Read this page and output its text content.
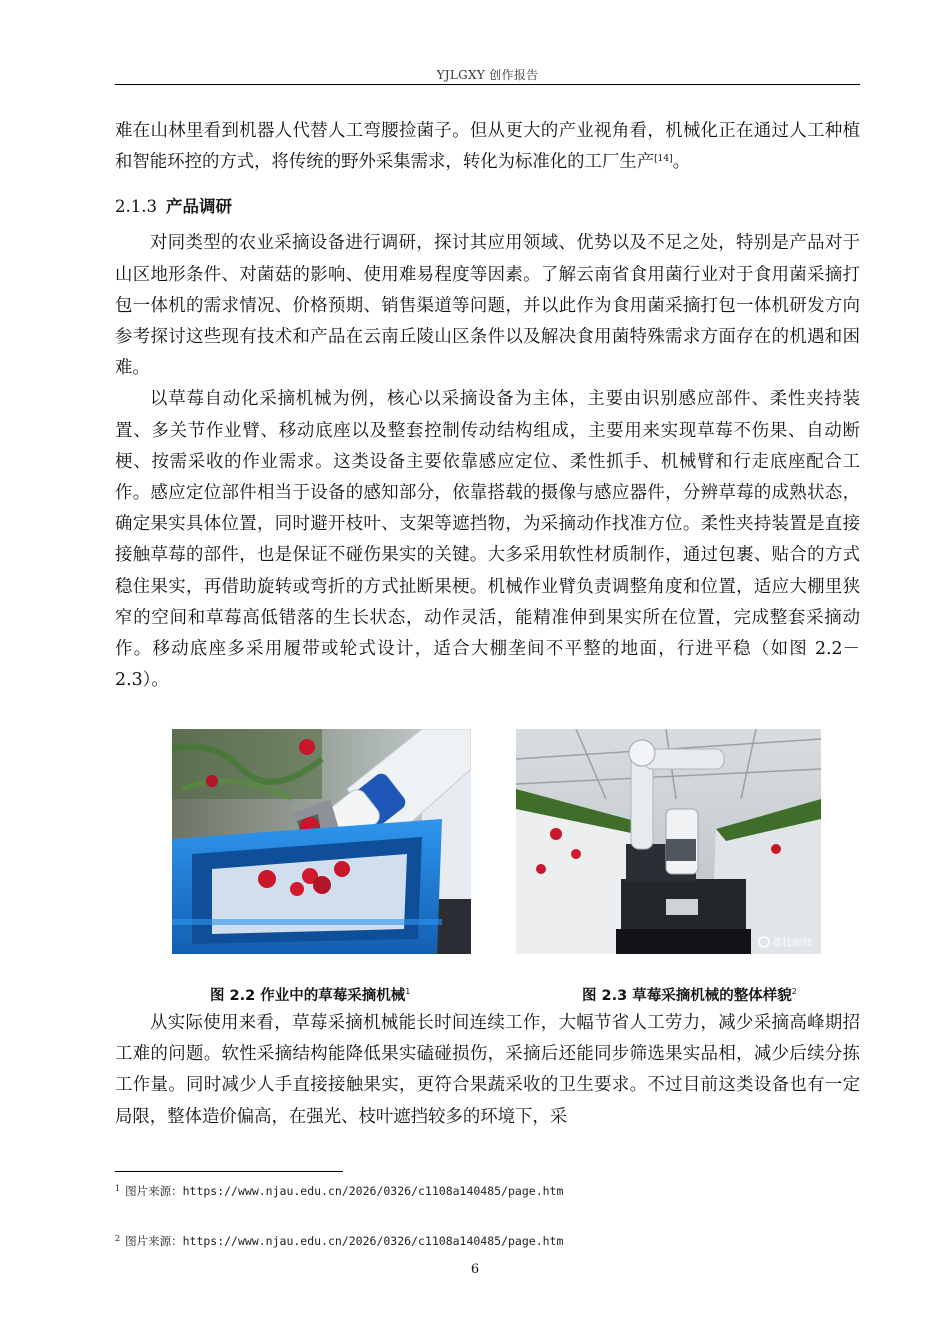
YJLGXY 创作报告

难在山林里看到机器人代替人工弯腰捡菌子。但从更大的产业视角看，机械化正在通过人工种植和智能环控的方式，将传统的野外采集需求，转化为标准化的工厂生产[14]。

2.1.3 产品调研

对同类型的农业采摘设备进行调研，探讨其应用领域、优势以及不足之处，特别是产品对于山区地形条件、对菌菇的影响、使用难易程度等因素。了解云南省食用菌行业对于食用菌采摘打包一体机的需求情况、价格预期、销售渠道等问题，并以此作为食用菌采摘打包一体机研发方向参考探讨这些现有技术和产品在云南丘陵山区条件以及解决食用菌特殊需求方面存在的机遇和困难。

以草莓自动化采摘机械为例，核心以采摘设备为主体，主要由识别感应部件、柔性夹持装置、多关节作业臂、移动底座以及整套控制传动结构组成，主要用来实现草莓不伤果、自动断梗、按需采收的作业需求。这类设备主要依靠感应定位、柔性抓手、机械臂和行走底座配合工作。感应定位部件相当于设备的感知部分，依靠搭载的摄像与感应器件，分辨草莓的成熟状态，确定果实具体位置，同时避开枝叶、支架等遮挡物，为采摘动作找准方位。柔性夹持装置是直接接触草莓的部件，也是保证不碰伤果实的关键。大多采用软性材质制作，通过包裹、贴合的方式稳住果实，再借助旋转或弯折的方式扯断果梗。机械作业臂负责调整角度和位置，适应大棚里狭窄的空间和草莓高低错落的生长状态，动作灵活，能精准伸到果实所在位置，完成整套采摘动作。移动底座多采用履带或轮式设计，适合大棚垄间不平整的地面，行进平稳（如图 2.2－2.3）。

荔枝新闻
图 2.2 作业中的草莓采摘机械$^1$	图 2.3 草莓采摘机械的整体样貌$^2$

从实际使用来看，草莓采摘机械能长时间连续工作，大幅节省人工劳力，减少采摘高峰期招工难的问题。软性采摘结构能降低果实磕碰损伤，采摘后还能同步筛选果实品相，减少后续分拣工作量。同时减少人手直接接触果实，更符合果蔬采收的卫生要求。不过目前这类设备也有一定局限，整体造价偏高，在强光、枝叶遮挡较多的环境下，采

$^1$ 图片来源：https://www.njau.edu.cn/2026/0326/c1108a140485/page.htm
$^2$ 图片来源：https://www.njau.edu.cn/2026/0326/c1108a140485/page.htm
6
